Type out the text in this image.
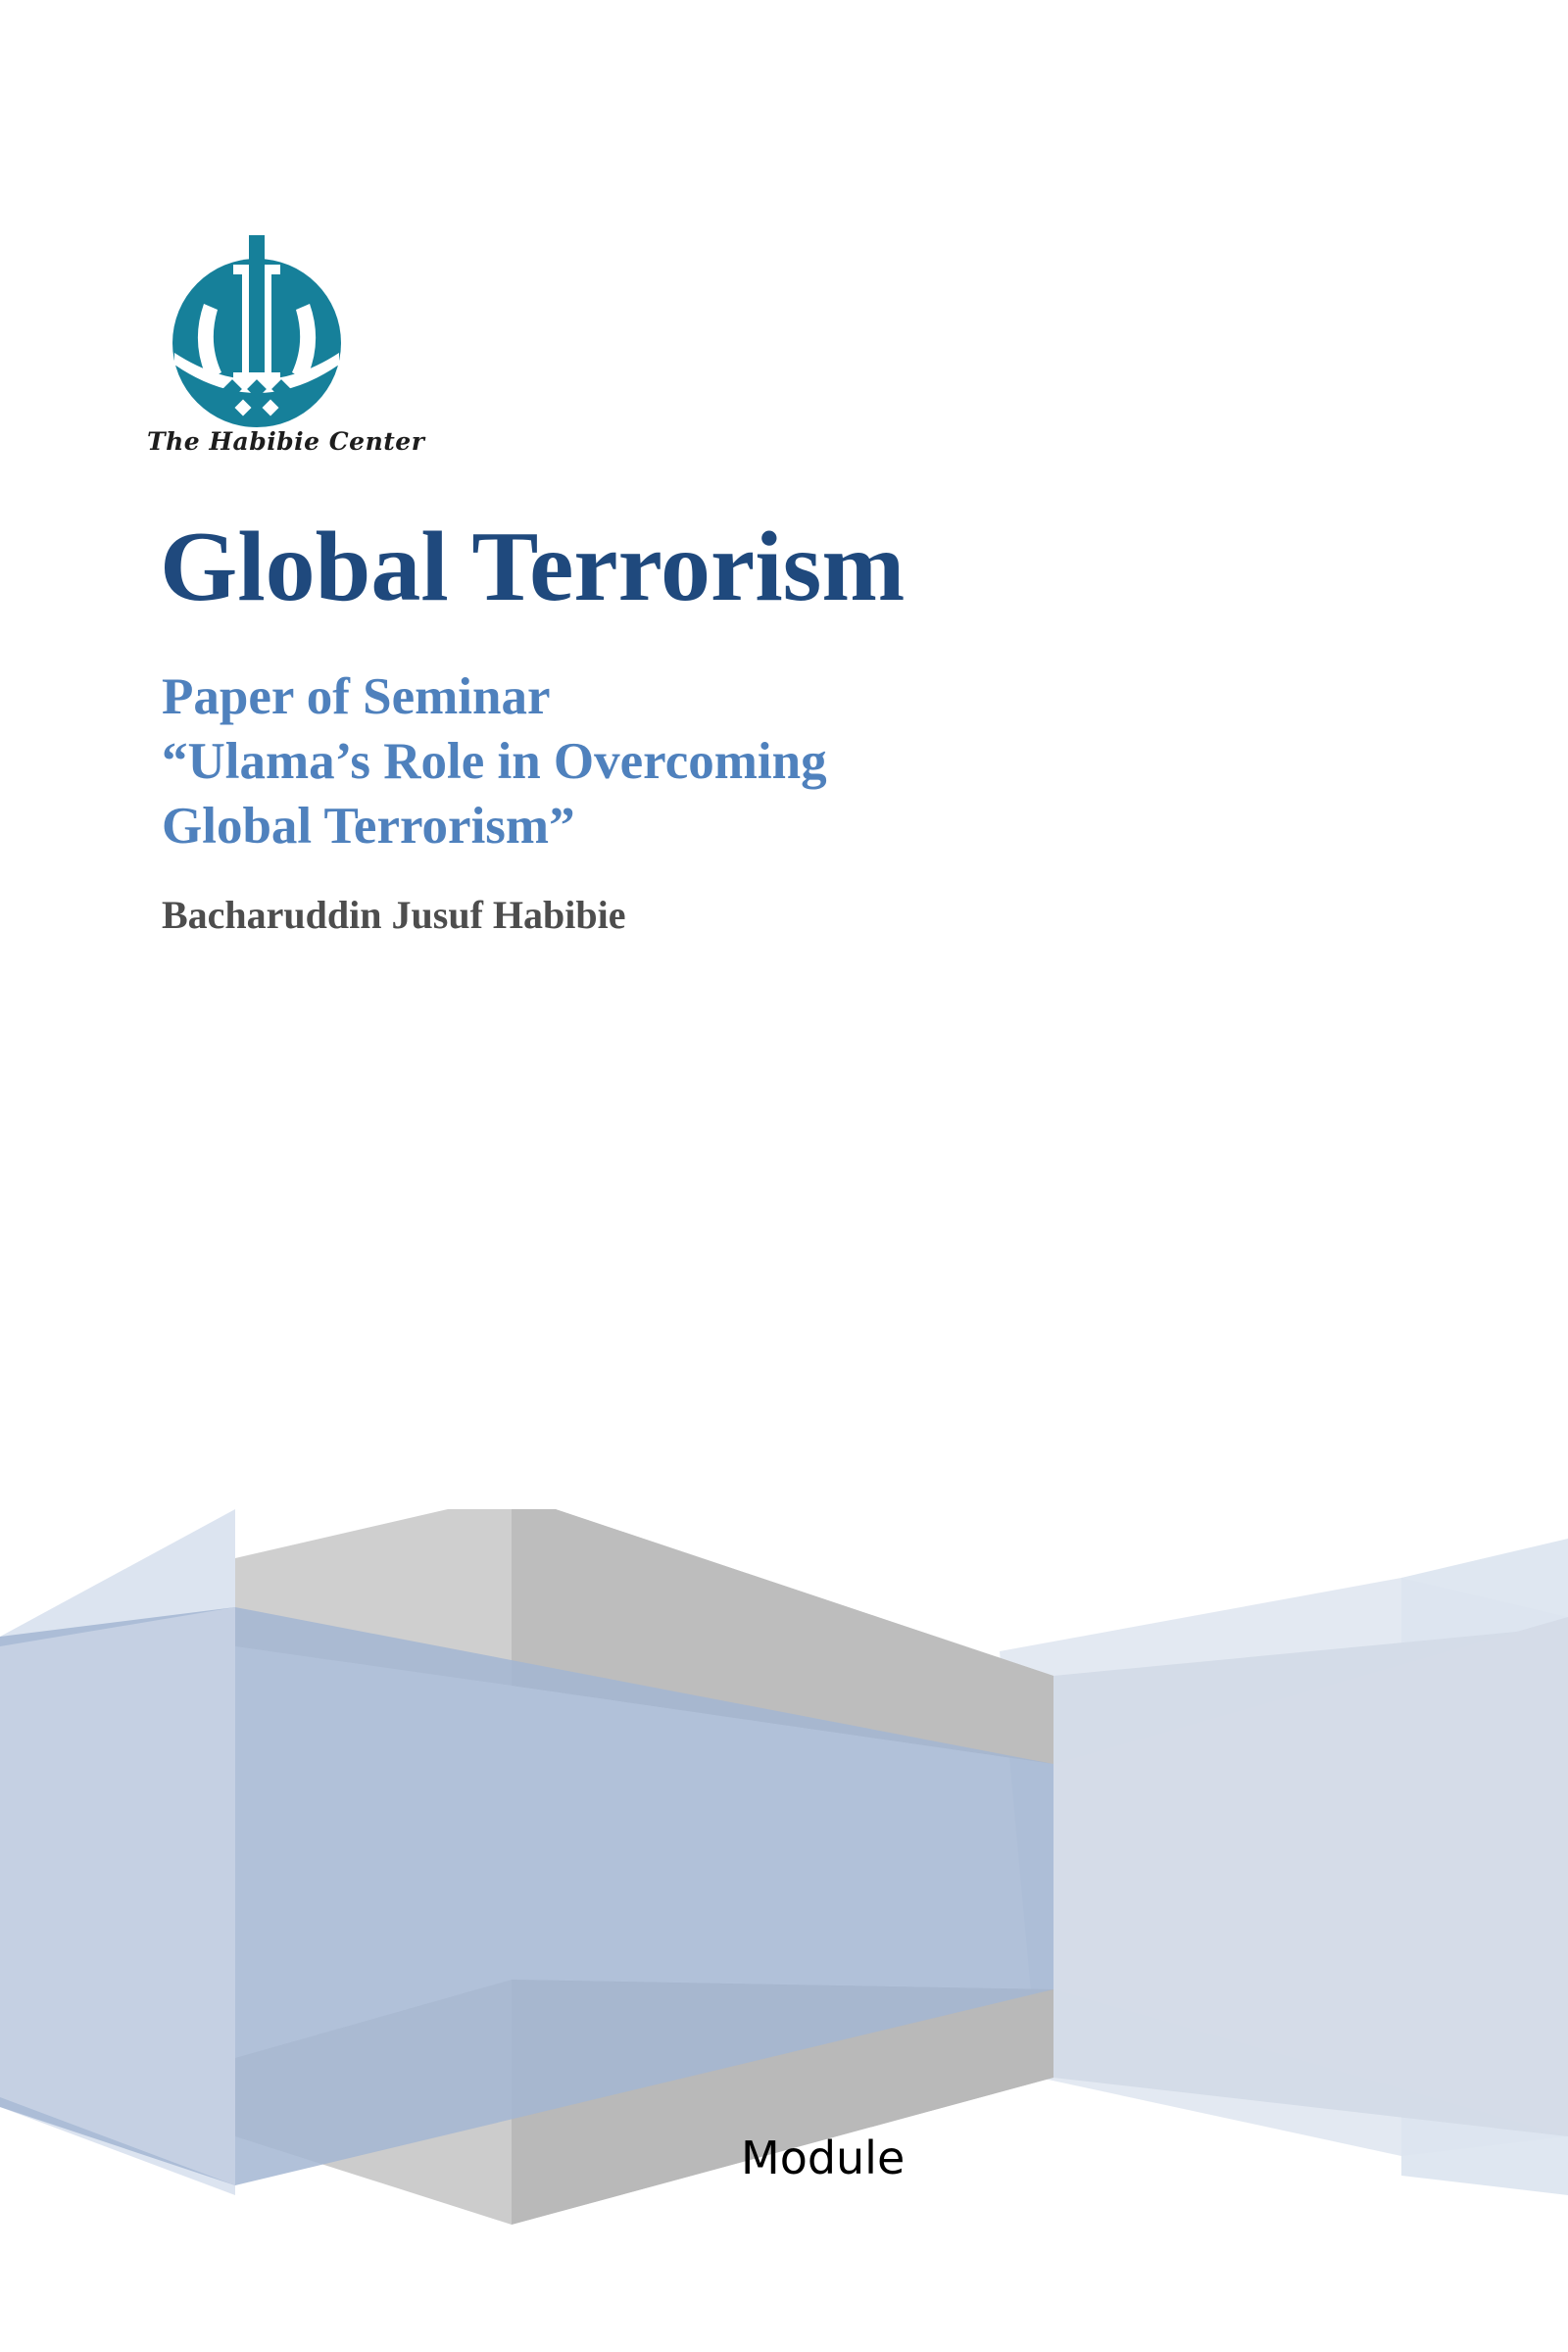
The Habibie Center
Global Terrorism
Paper of Seminar
“Ulama’s Role in Overcoming
Global Terrorism”
Bacharuddin Jusuf Habibie
Module
